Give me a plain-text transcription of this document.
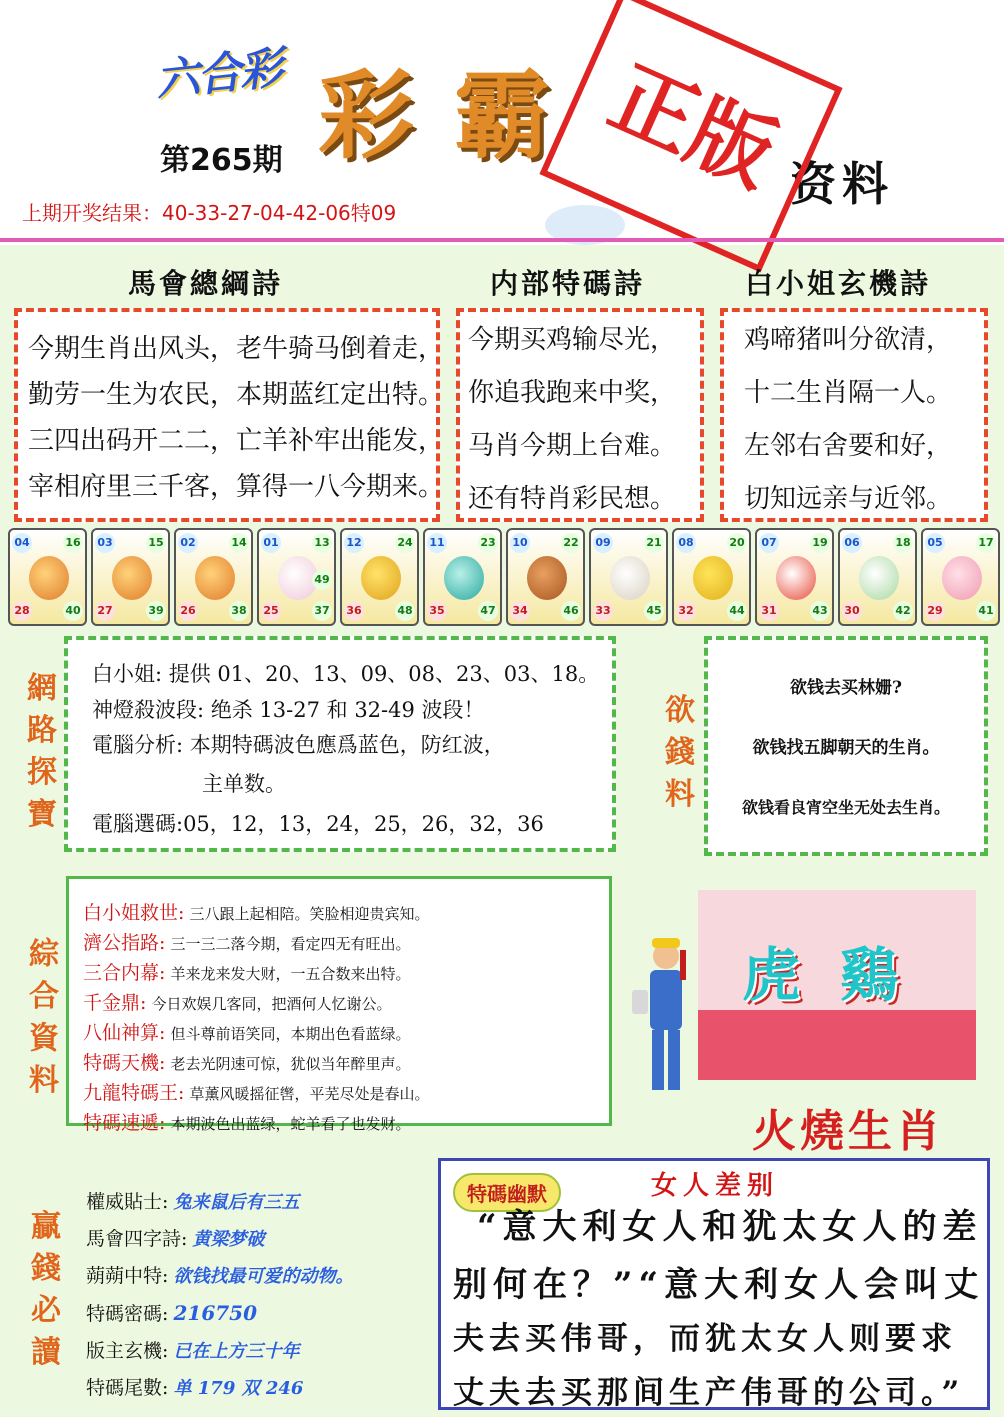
六合彩 彩霸
资料
正版
第265期
上期开奖结果：40-33-27-04-42-06特09
馬會總綱詩	内部特碼詩	白小姐玄機詩
今期生肖出风头，老牛骑马倒着走，
勤劳一生为农民，本期蓝红定出特。
三四出码开二二，亡羊补牢出能发，
宰相府里三千客，算得一八今期来。
今期买鸡输尽光，
你追我跑来中奖，
马肖今期上台难。
还有特肖彩民想。
鸡啼猪叫分欲清，
十二生肖隔一人。
左邻右舍要和好，
切知远亲与近邻。
04	16
28	40
03	15
27	39
02	14
26	38
01	13
49
25	37
12	24
36	48
11	23
35	47
10	22
34	46
09	21
33	45
08	20
32	44
07	19
31	43
06	18
30	42
05	17
29	41
網路探寶
白小姐: 提供 01、20、13、09、08、23、03、18。
神燈殺波段: 绝杀 13-27 和 32-49 波段！
電腦分析: 本期特碼波色應爲蓝色，防红波，
主单数。
電腦選碼:05，12，13，24，25，26，32，36
欲錢料
欲钱去买林姗?
欲钱找五脚朝天的生肖。
欲钱看良宵空坐无处去生肖。
綜合資料
白小姐救世: 三八跟上起相陪。笑脸相迎贵宾知。
濟公指路: 三一三二落今期，看定四无有旺出。
三合内幕: 羊来龙来发大财，一五合数来出特。
千金鼎: 今日欢娱几客同，把酒何人忆谢公。
八仙神算: 但斗尊前语笑同，本期出色看蓝绿。
特碼天機: 老去光阴速可惊，犹似当年醉里声。
九龍特碼王: 草薰风暖摇征辔，平芜尽处是春山。
特碼速遞: 本期波色出蓝绿，蛇羊看了也发财。
虎鷄
火燒生肖
贏錢必讀
權威貼士: 兔来鼠后有三五
馬會四字詩: 黄梁梦破
蒴蒴中特: 欲钱找最可爱的动物。
特碼密碼: 216750
版主玄機: 已在上方三十年
特碼尾數: 单 179 双 246
特碼幽默	女人差别
“意大利女人和犹太女人的差
别何在？”“意大利女人会叫丈
夫去买伟哥，而犹太女人则要求
丈夫去买那间生产伟哥的公司。”
